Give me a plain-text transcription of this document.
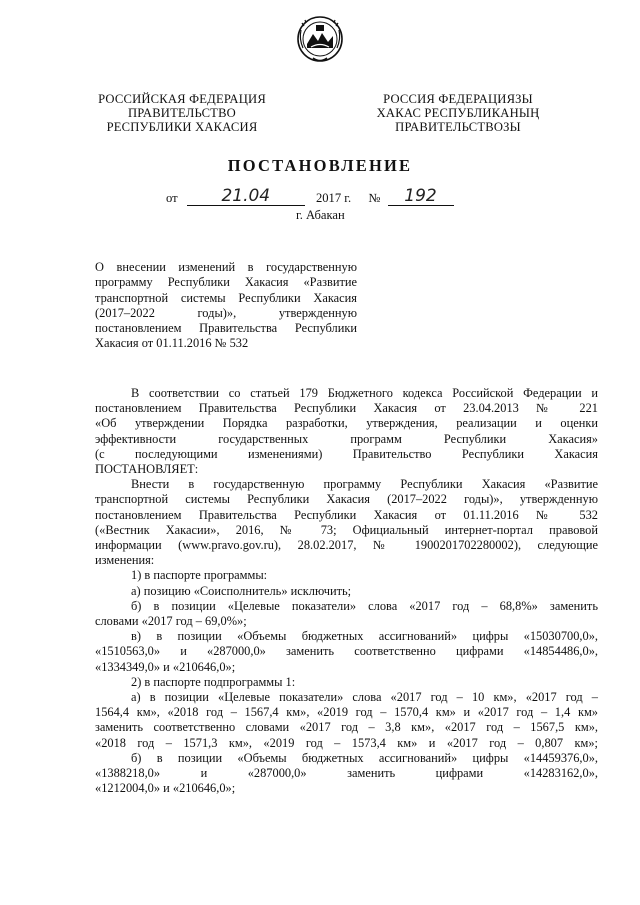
РОССИЙСКАЯ ФЕДЕРАЦИЯ
ПРАВИТЕЛЬСТВО
РЕСПУБЛИКИ ХАКАСИЯ
РОССИЯ ФЕДЕРАЦИЯЗЫ
ХАКАС РЕСПУБЛИКАНЫҢ
ПРАВИТЕЛЬСТВОЗЫ
ПОСТАНОВЛЕНИЕ
от	21.04	2017 г. № 192
г. Абакан
О внесении изменений в государственную
программу Республики Хакасия «Развитие
транспортной системы Республики Хакасия
(2017–2022 годы)», утвержденную
постановлением Правительства Республики
Хакасия от 01.11.2016 № 532
В соответствии со статьей 179 Бюджетного кодекса Российской Федерации и
постановлением Правительства Республики Хакасия от 23.04.2013 № 221
«Об утверждении Порядка разработки, утверждения, реализации и оценки
эффективности государственных программ Республики Хакасия»
(с последующими изменениями) Правительство Республики Хакасия
ПОСТАНОВЛЯЕТ:
Внести в государственную программу Республики Хакасия «Развитие
транспортной системы Республики Хакасия (2017–2022 годы)», утвержденную
постановлением Правительства Республики Хакасия от 01.11.2016 № 532
(«Вестник Хакасии», 2016, № 73; Официальный интернет-портал правовой
информации (www.pravo.gov.ru), 28.02.2017, № 1900201702280002), следующие
изменения:
1) в паспорте программы:
а) позицию «Соисполнитель» исключить;
б) в позиции «Целевые показатели» слова «2017 год – 68,8%» заменить
словами «2017 год – 69,0%»;
в) в позиции «Объемы бюджетных ассигнований» цифры «15030700,0»,
«1510563,0» и «287000,0» заменить соответственно цифрами «14854486,0»,
«1334349,0» и «210646,0»;
2) в паспорте подпрограммы 1:
а) в позиции «Целевые показатели» слова «2017 год – 10 км», «2017 год –
1564,4 км», «2018 год – 1567,4 км», «2019 год – 1570,4 км» и «2017 год – 1,4 км»
заменить соответственно словами «2017 год – 3,8 км», «2017 год – 1567,5 км»,
«2018 год – 1571,3 км», «2019 год – 1573,4 км» и «2017 год – 0,807 км»;
б) в позиции «Объемы бюджетных ассигнований» цифры «14459376,0»,
«1388218,0» и «287000,0» заменить цифрами «14283162,0»,
«1212004,0» и «210646,0»;
